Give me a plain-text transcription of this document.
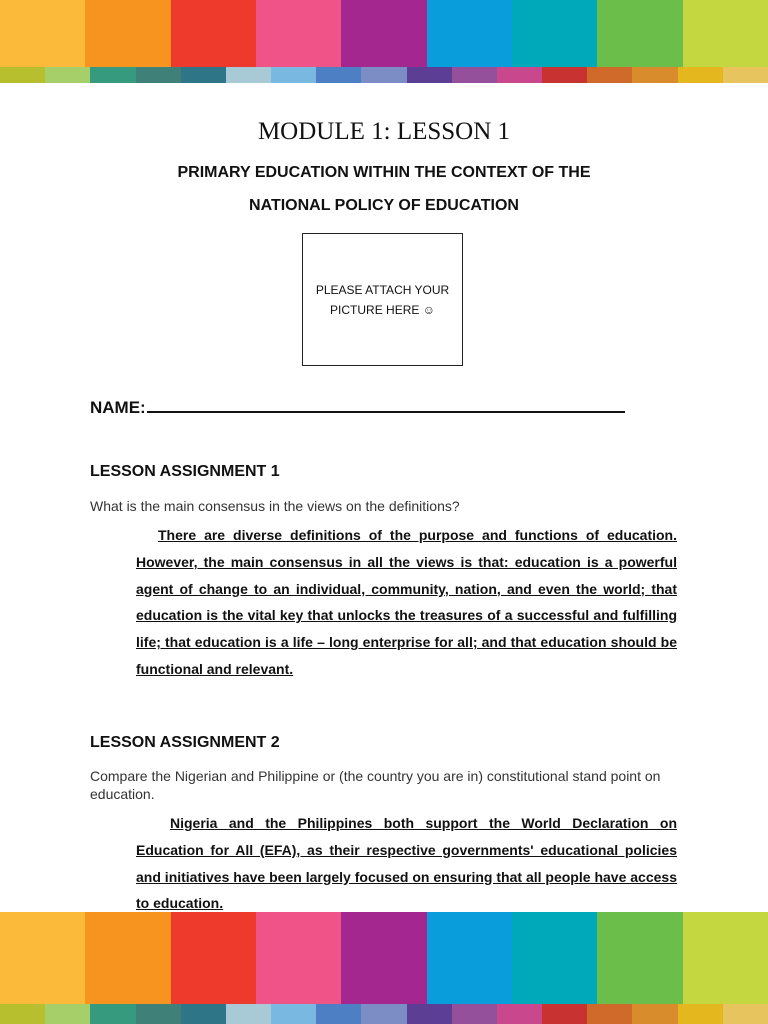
MODULE 1: LESSON 1
PRIMARY EDUCATION WITHIN THE CONTEXT OF THE
NATIONAL POLICY OF EDUCATION
PLEASE ATTACH YOUR PICTURE HERE ☺
NAME:
LESSON ASSIGNMENT 1
What is the main consensus in the views on the definitions?
There are diverse definitions of the purpose and functions of education. However, the main consensus in all the views is that: education is a powerful agent of change to an individual, community, nation, and even the world; that education is the vital key that unlocks the treasures of a successful and fulfilling life; that education is a life – long enterprise for all; and that education should be functional and relevant.
LESSON ASSIGNMENT 2
Compare the Nigerian and Philippine or (the country you are in) constitutional stand point on education.
Nigeria and the Philippines both support the World Declaration on Education for All (EFA), as their respective governments' educational policies and initiatives have been largely focused on ensuring that all people have access to education.
